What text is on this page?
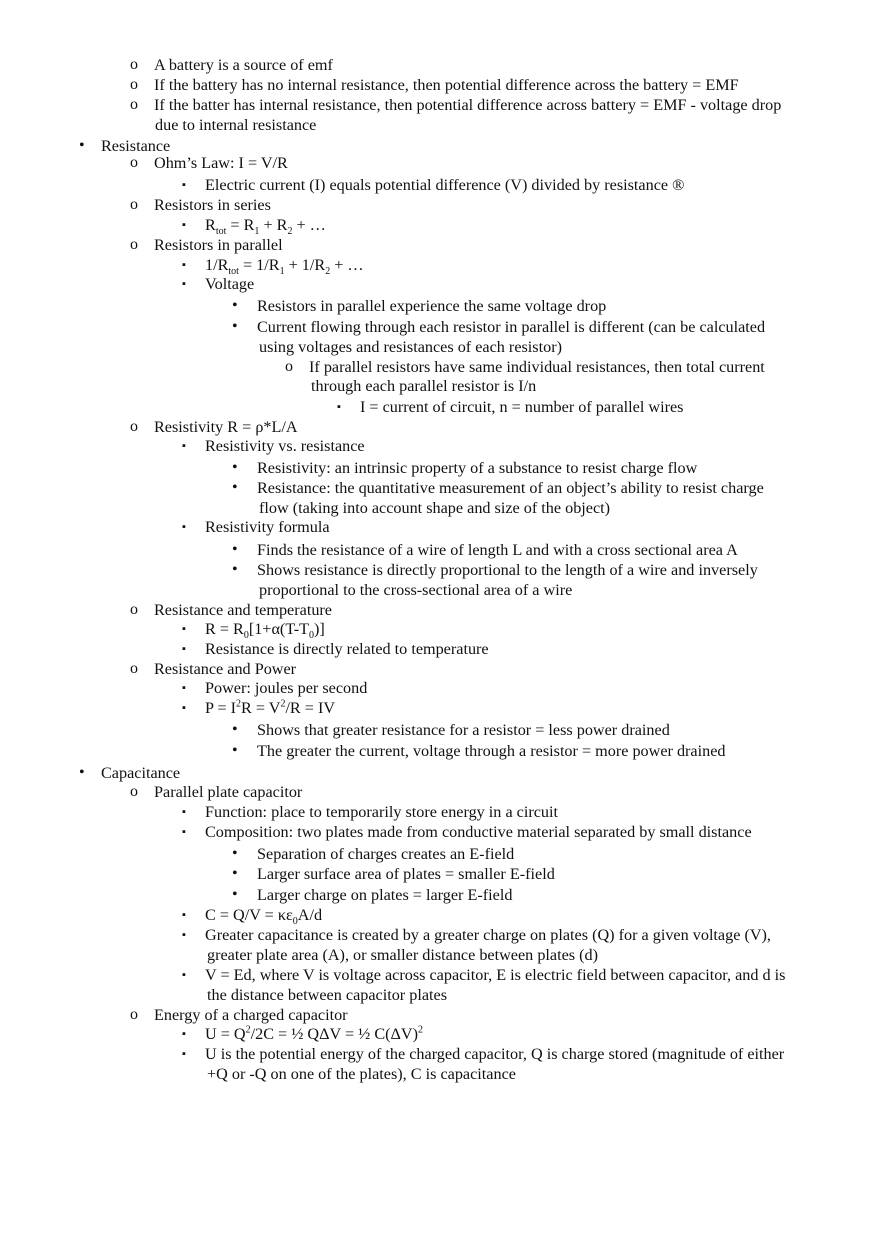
o A battery is a source of emf
o If the battery has no internal resistance, then potential difference across the battery = EMF
o If the batter has internal resistance, then potential difference across battery = EMF - voltage drop
due to internal resistance
• Resistance
o Ohm’s Law: I = V/R
▪ Electric current (I) equals potential difference (V) divided by resistance ®
o Resistors in series
▪ $R_{tot} = R_1 + R_2$ + …
o Resistors in parallel
▪ $1/R_{tot} = 1/R_1 + 1/R_2$ + …
▪ Voltage
• Resistors in parallel experience the same voltage drop
• Current flowing through each resistor in parallel is different (can be calculated
using voltages and resistances of each resistor)
o If parallel resistors have same individual resistances, then total current
through each parallel resistor is I/n
▪ I = current of circuit, n = number of parallel wires
o Resistivity R = ρ*L/A
▪ Resistivity vs. resistance
• Resistivity: an intrinsic property of a substance to resist charge flow
• Resistance: the quantitative measurement of an object’s ability to resist charge
flow (taking into account shape and size of the object)
▪ Resistivity formula
• Finds the resistance of a wire of length L and with a cross sectional area A
• Shows resistance is directly proportional to the length of a wire and inversely
proportional to the cross-sectional area of a wire
o Resistance and temperature
▪ $R = R_0[1+\alpha(T-T_0)]$
▪ Resistance is directly related to temperature
o Resistance and Power
▪ Power: joules per second
▪ $P = I^2R = V^2/R$ = IV
• Shows that greater resistance for a resistor = less power drained
• The greater the current, voltage through a resistor = more power drained
• Capacitance
o Parallel plate capacitor
▪ Function: place to temporarily store energy in a circuit
▪ Composition: two plates made from conductive material separated by small distance
• Separation of charges creates an E-field
• Larger surface area of plates = smaller E-field
• Larger charge on plates = larger E-field
▪ $C = Q/V = \kappa\varepsilon_0A/d$
▪ Greater capacitance is created by a greater charge on plates (Q) for a given voltage (V),
greater plate area (A), or smaller distance between plates (d)
▪ V = Ed, where V is voltage across capacitor, E is electric field between capacitor, and d is
the distance between capacitor plates
o Energy of a charged capacitor
▪ $U = Q^2/2C$ = ½ QΔV = ½ $C(\Delta V)^2$
▪ U is the potential energy of the charged capacitor, Q is charge stored (magnitude of either
+Q or -Q on one of the plates), C is capacitance
